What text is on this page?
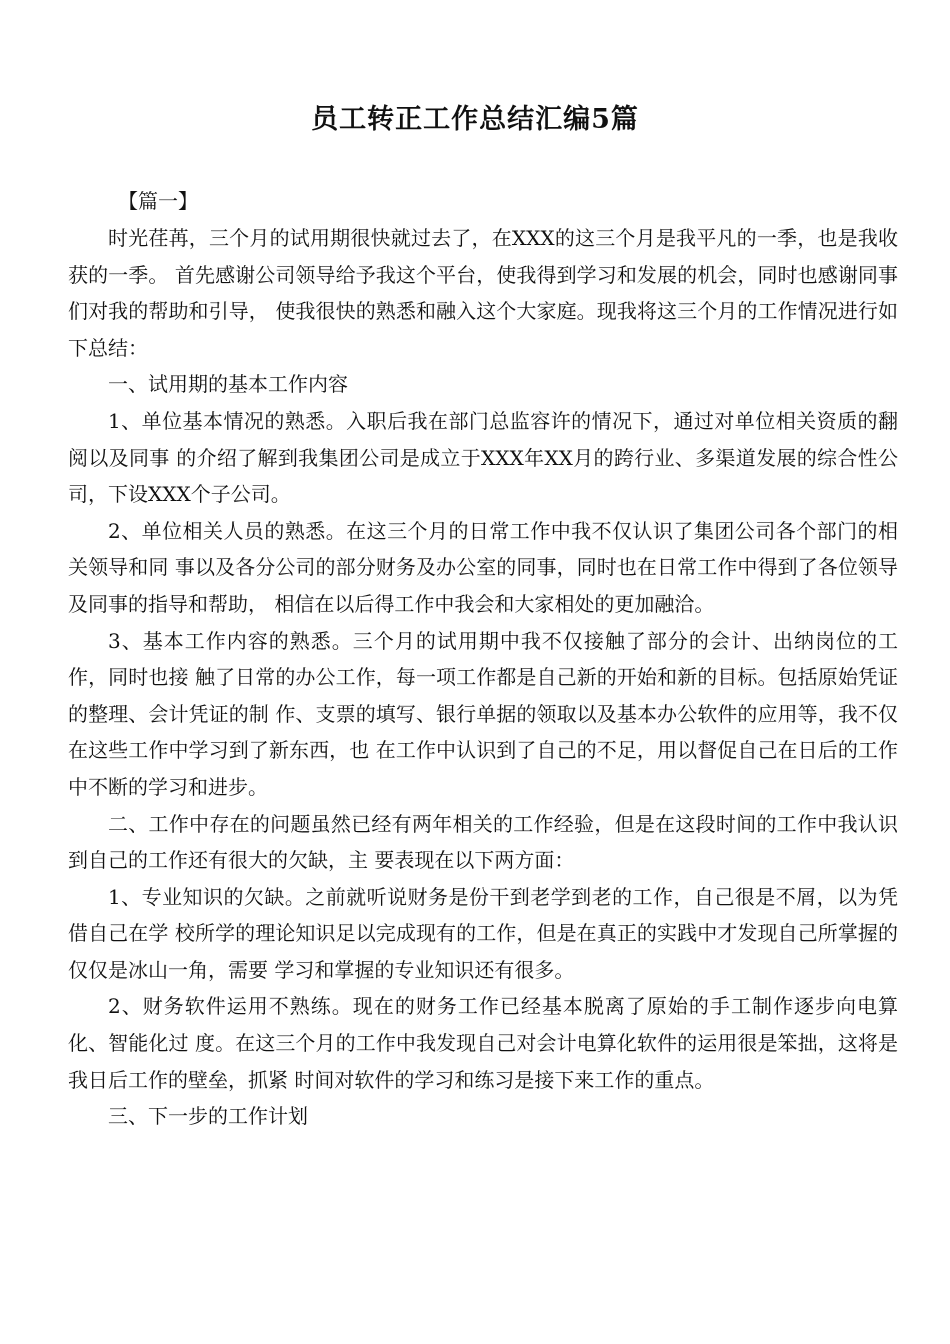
员工转正工作总结汇编5篇

【篇一】

时光荏苒，三个月的试用期很快就过去了，在XXX的这三个月是我平凡的一季，也是我收获的一季。 首先感谢公司领导给予我这个平台，使我得到学习和发展的机会，同时也感谢同事们对我的帮助和引导， 使我很快的熟悉和融入这个大家庭。现我将这三个月的工作情况进行如下总结：

一、试用期的基本工作内容

1、单位基本情况的熟悉。入职后我在部门总监容许的情况下，通过对单位相关资质的翻阅以及同事 的介绍了解到我集团公司是成立于XXX年XX月的跨行业、多渠道发展的综合性公司，下设XXX个子公司。

2、单位相关人员的熟悉。在这三个月的日常工作中我不仅认识了集团公司各个部门的相关领导和同 事以及各分公司的部分财务及办公室的同事，同时也在日常工作中得到了各位领导及同事的指导和帮助， 相信在以后得工作中我会和大家相处的更加融洽。

3、基本工作内容的熟悉。三个月的试用期中我不仅接触了部分的会计、出纳岗位的工作，同时也接 触了日常的办公工作，每一项工作都是自己新的开始和新的目标。包括原始凭证的整理、会计凭证的制 作、支票的填写、银行单据的领取以及基本办公软件的应用等，我不仅在这些工作中学习到了新东西，也 在工作中认识到了自己的不足，用以督促自己在日后的工作中不断的学习和进步。

二、工作中存在的问题虽然已经有两年相关的工作经验，但是在这段时间的工作中我认识到自己的工作还有很大的欠缺，主 要表现在以下两方面：

1、专业知识的欠缺。之前就听说财务是份干到老学到老的工作，自己很是不屑，以为凭借自己在学 校所学的理论知识足以完成现有的工作，但是在真正的实践中才发现自己所掌握的仅仅是冰山一角，需要 学习和掌握的专业知识还有很多。

2、财务软件运用不熟练。现在的财务工作已经基本脱离了原始的手工制作逐步向电算化、智能化过 度。在这三个月的工作中我发现自己对会计电算化软件的运用很是笨拙，这将是我日后工作的壁垒，抓紧 时间对软件的学习和练习是接下来工作的重点。

三、下一步的工作计划
